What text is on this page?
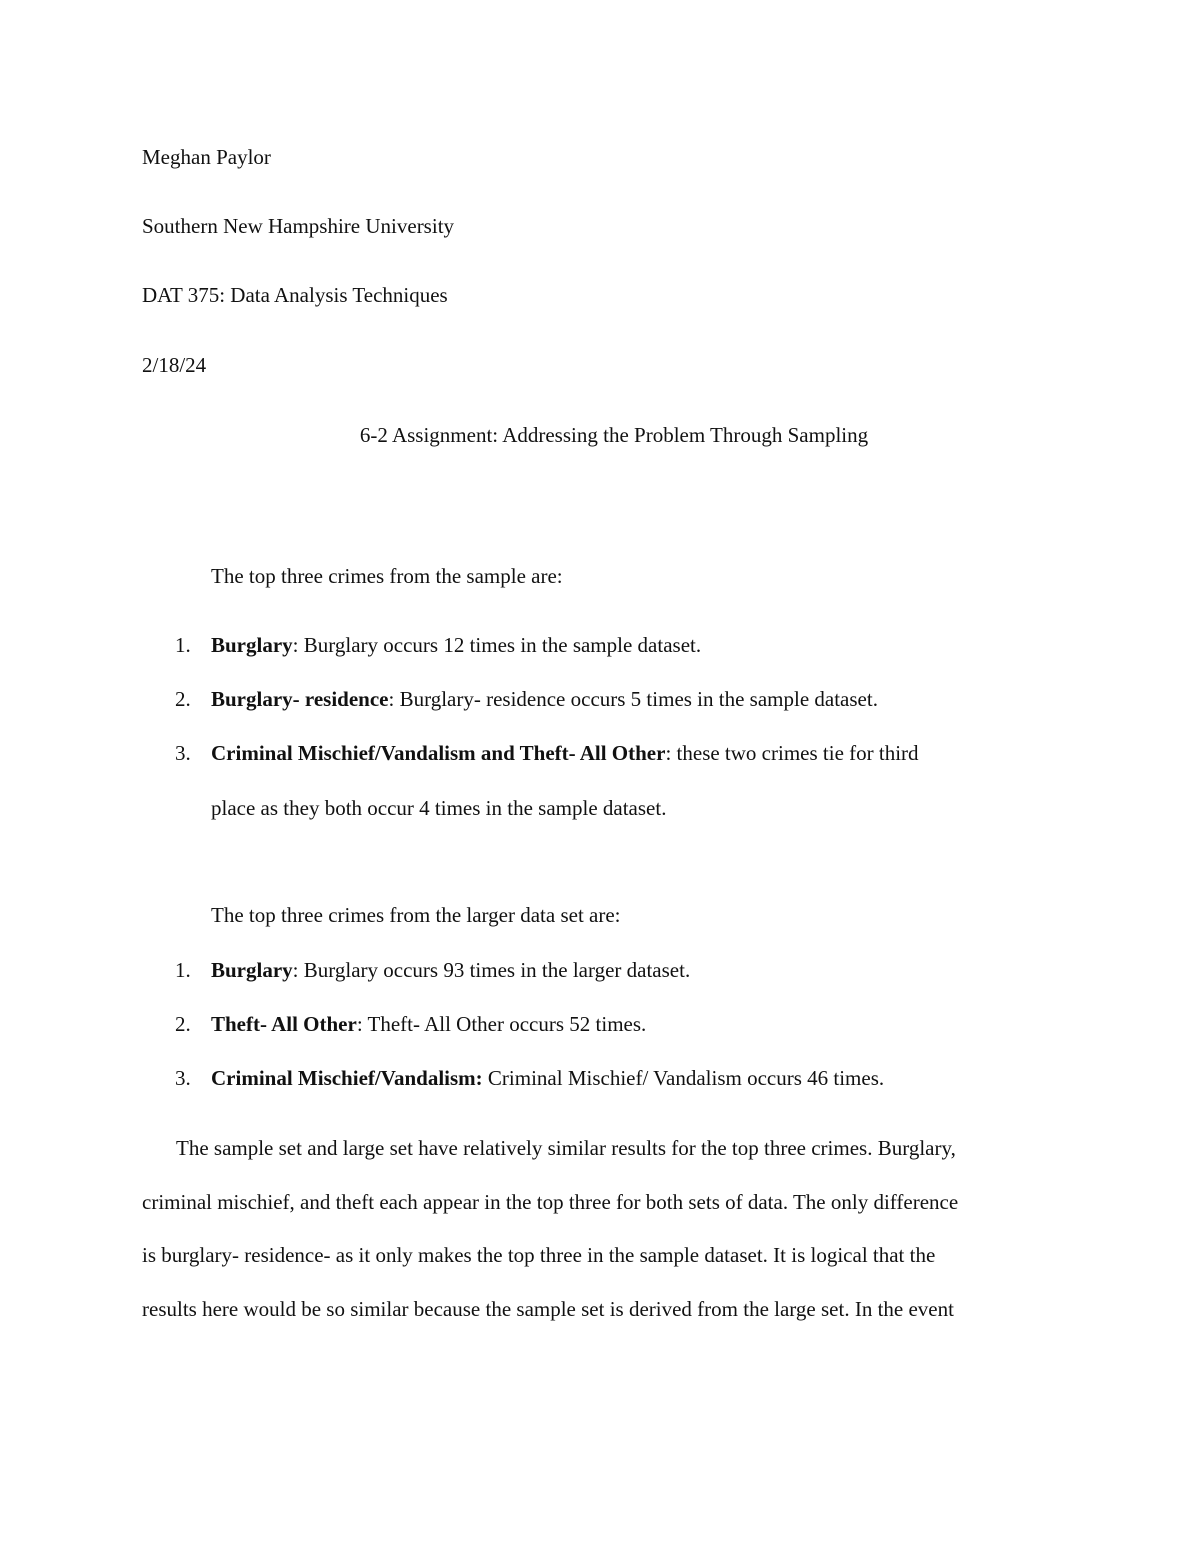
Meghan Paylor
Southern New Hampshire University
DAT 375: Data Analysis Techniques
2/18/24
6-2 Assignment: Addressing the Problem Through Sampling
The top three crimes from the sample are:
1. Burglary: Burglary occurs 12 times in the sample dataset.
2. Burglary- residence: Burglary- residence occurs 5 times in the sample dataset.
3. Criminal Mischief/Vandalism and Theft- All Other: these two crimes tie for third
place as they both occur 4 times in the sample dataset.
The top three crimes from the larger data set are:
1. Burglary: Burglary occurs 93 times in the larger dataset.
2. Theft- All Other: Theft- All Other occurs 52 times.
3. Criminal Mischief/Vandalism: Criminal Mischief/ Vandalism occurs 46 times.
The sample set and large set have relatively similar results for the top three crimes. Burglary,
criminal mischief, and theft each appear in the top three for both sets of data. The only difference
is burglary- residence- as it only makes the top three in the sample dataset. It is logical that the
results here would be so similar because the sample set is derived from the large set. In the event
